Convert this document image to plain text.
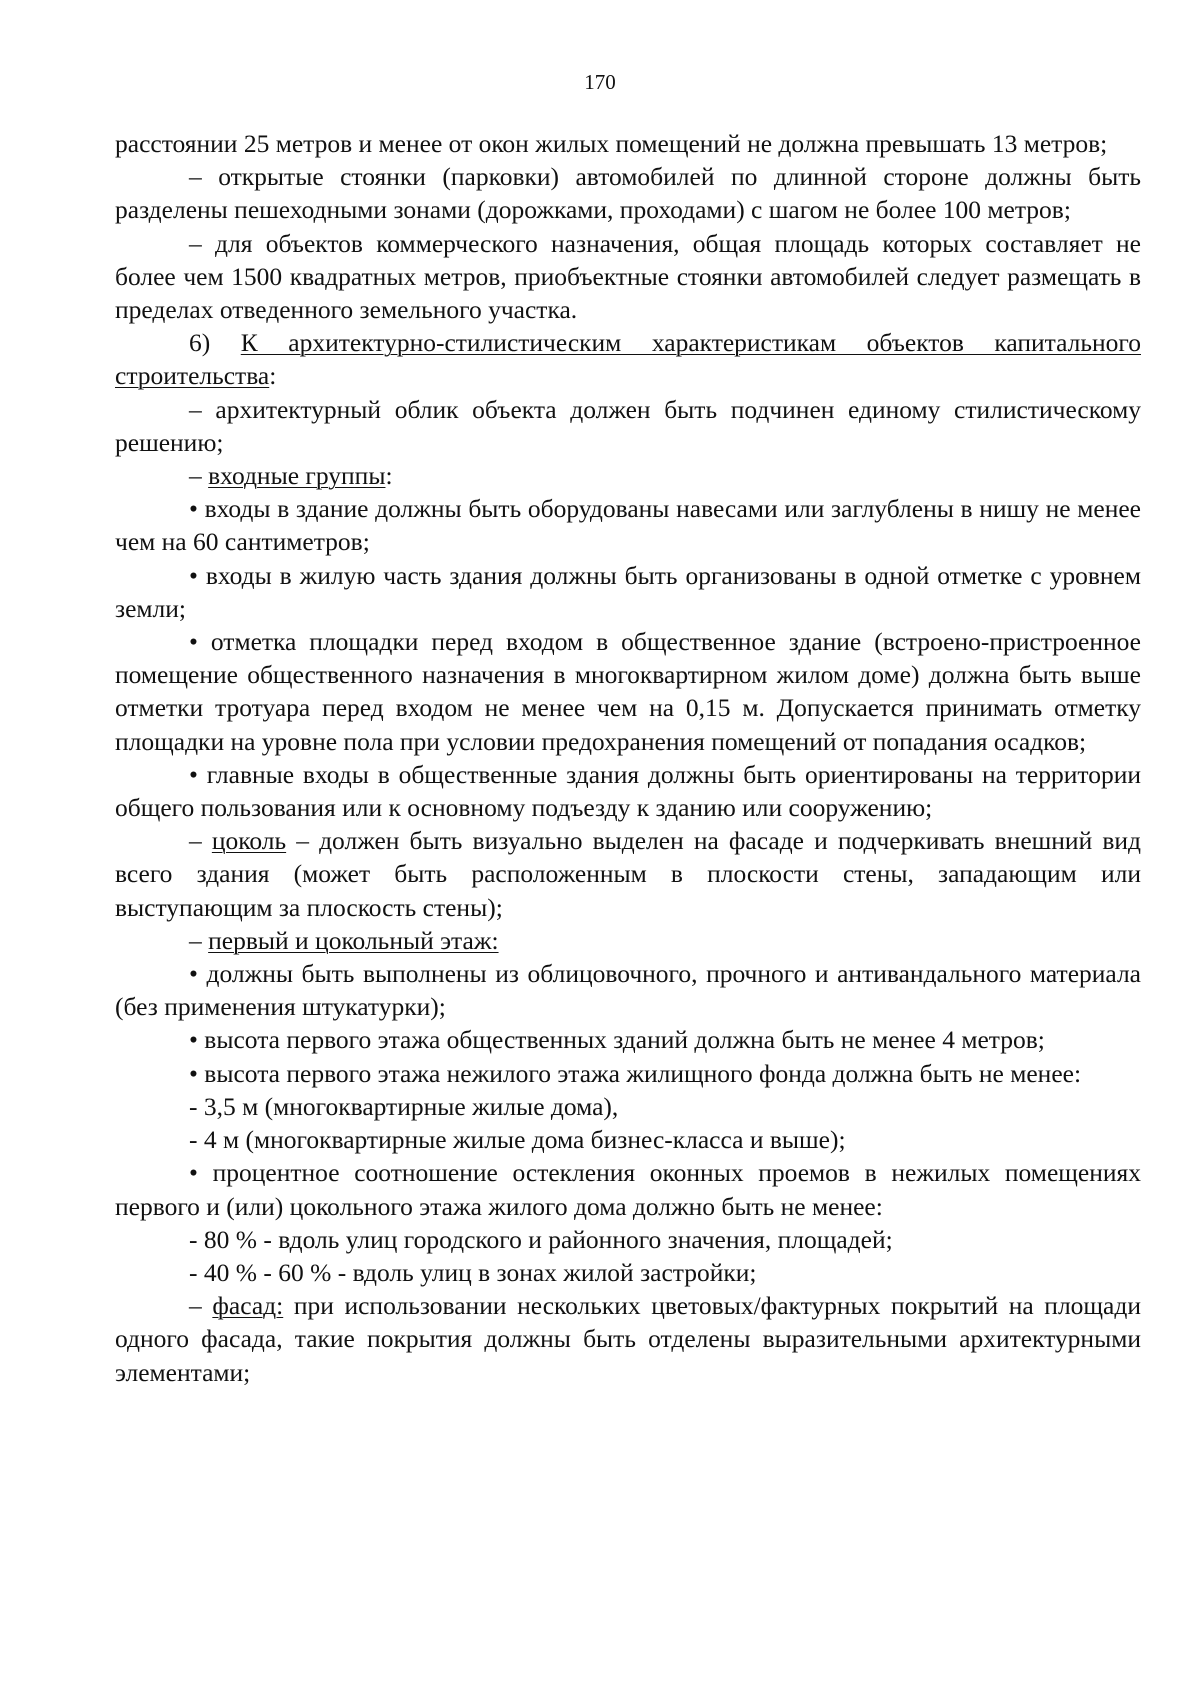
170

расстоянии 25 метров и менее от окон жилых помещений не должна превышать 13 метров;

– открытые стоянки (парковки) автомобилей по длинной стороне должны быть разделены пешеходными зонами (дорожками, проходами) с шагом не более 100 метров;

– для объектов коммерческого назначения, общая площадь которых составляет не более чем 1500 квадратных метров, приобъектные стоянки автомобилей следует размещать в пределах отведенного земельного участка.

6) К архитектурно-стилистическим характеристикам объектов капитального строительства:

– архитектурный облик объекта должен быть подчинен единому стилистическому решению;

– входные группы:

• входы в здание должны быть оборудованы навесами или заглублены в нишу не менее чем на 60 сантиметров;

• входы в жилую часть здания должны быть организованы в одной отметке с уровнем земли;

• отметка площадки перед входом в общественное здание (встроено-пристроенное помещение общественного назначения в многоквартирном жилом доме) должна быть выше отметки тротуара перед входом не менее чем на 0,15 м. Допускается принимать отметку площадки на уровне пола при условии предохранения помещений от попадания осадков;

• главные входы в общественные здания должны быть ориентированы на территории общего пользования или к основному подъезду к зданию или сооружению;

– цоколь – должен быть визуально выделен на фасаде и подчеркивать внешний вид всего здания (может быть расположенным в плоскости стены, западающим или выступающим за плоскость стены);

– первый и цокольный этаж:

• должны быть выполнены из облицовочного, прочного и антивандального материала (без применения штукатурки);

• высота первого этажа общественных зданий должна быть не менее 4 метров;

• высота первого этажа нежилого этажа жилищного фонда должна быть не менее:

- 3,5 м (многоквартирные жилые дома),

- 4 м (многоквартирные жилые дома бизнес-класса и выше);

• процентное соотношение остекления оконных проемов в нежилых помещениях первого и (или) цокольного этажа жилого дома должно быть не менее:

- 80 % - вдоль улиц городского и районного значения, площадей;

- 40 % - 60 % - вдоль улиц в зонах жилой застройки;

– фасад: при использовании нескольких цветовых/фактурных покрытий на площади одного фасада, такие покрытия должны быть отделены выразительными архитектурными элементами;
